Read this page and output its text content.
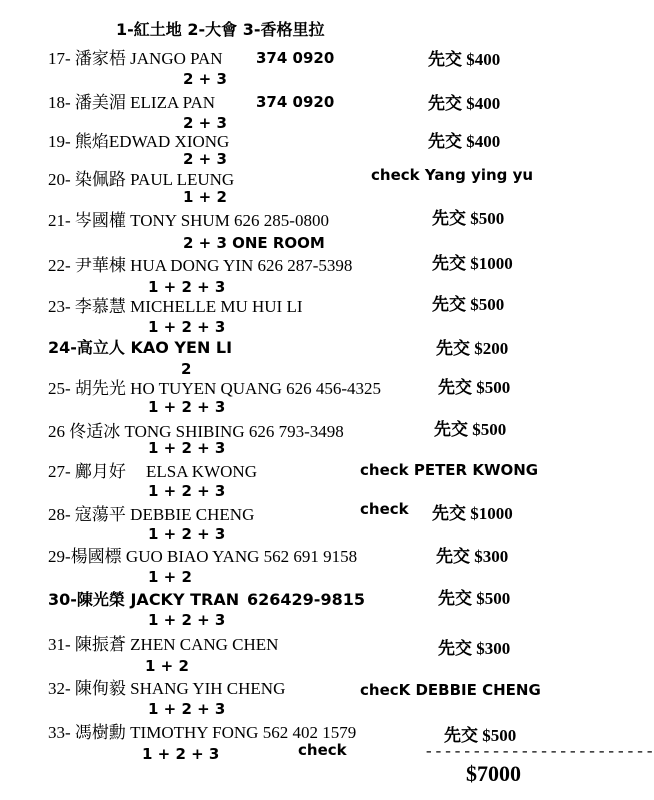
1-紅土地 2-大會 3-香格里拉
17- 潘家梧 JANGO PAN 374 0920	先交 $400
2 + 3
18- 潘美湄 ELIZA PAN	374 0920	先交 $400
2 + 3
19- 熊焰EDWAD XIONG	先交 $400
2 + 3
20- 染佩路 PAUL LEUNG	check Yang ying yu
1 + 2
21- 岑國權 TONY SHUM 626 285-0800	先交 $500
2 + 3 ONE ROOM
22- 尹華棟 HUA DONG YIN 626 287-5398	先交 $1000
1 + 2 + 3
23- 李慕慧 MICHELLE MU HUI LI	先交 $500
1 + 2 + 3
24-高立人 KAO YEN LI	先交 $200
2
25- 胡先光 HO TUYEN QUANG 626 456-4325	先交 $500
1 + 2 + 3
26 佟适冰 TONG SHIBING 626 793-3498	先交 $500
1 + 2 + 3
27- 鄺月好 ELSA KWONG	check PETER KWONG
1 + 2 + 3
28- 寇蕩平 DEBBIE CHENG	check 先交 $1000
1 + 2 + 3
29-楊國標 GUO BIAO YANG 562 691 9158	先交 $300
1 + 2
30-陳光榮 JACKY TRAN 626429-9815	先交 $500
1 + 2 + 3
31- 陳振蒼 ZHEN CANG CHEN	先交 $300
1 + 2
32- 陳侚毅 SHANG YIH CHENG	checK DEBBIE CHENG
1 + 2 + 3
33- 馮樹勳 TIMOTHY FONG 562 402 1579	先交 $500
1 + 2 + 3	check	------------------------
$7000
